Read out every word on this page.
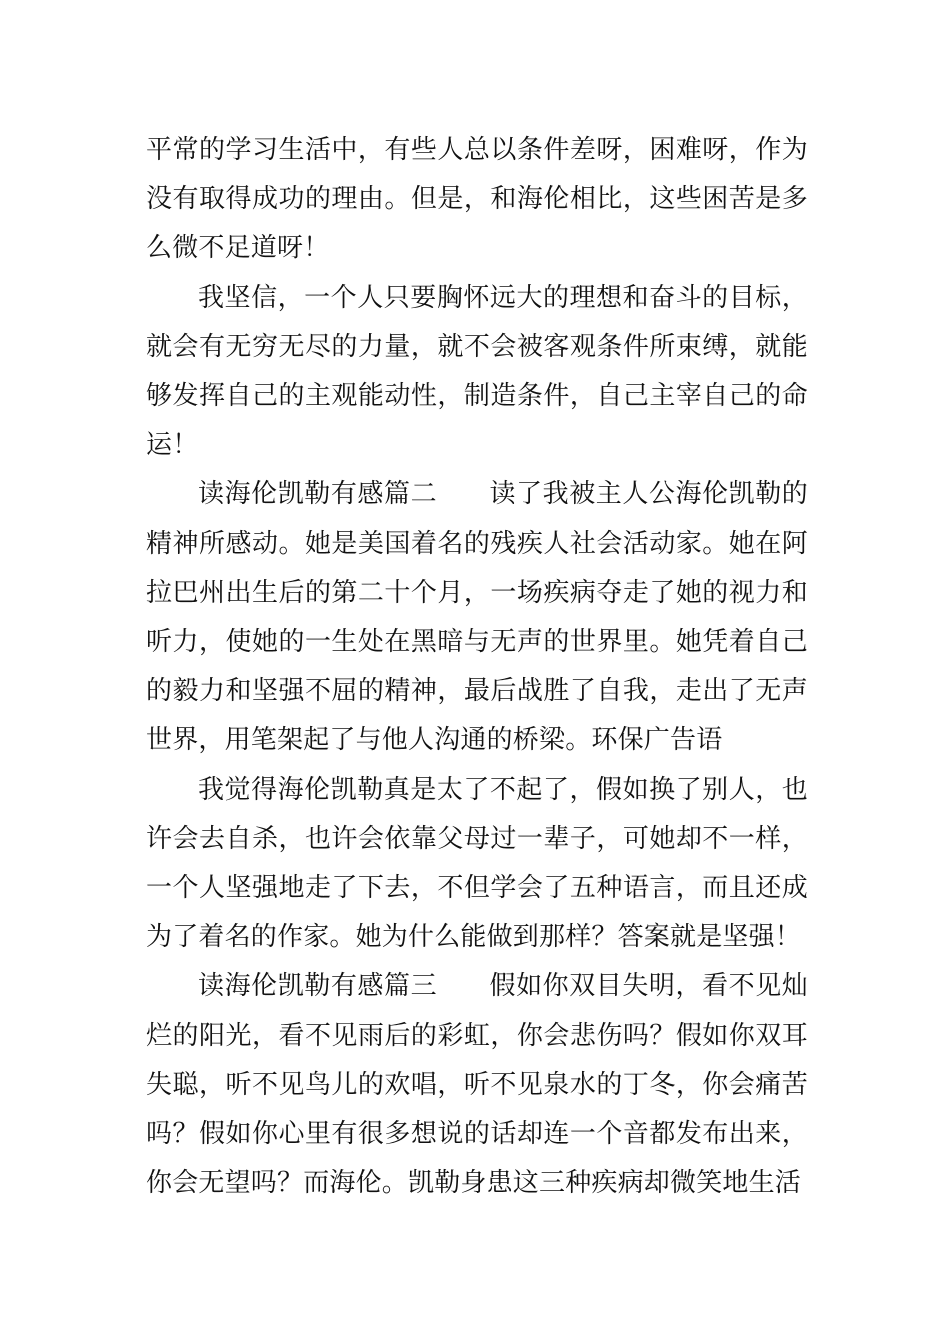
平常的学习生活中，有些人总以条件差呀，困难呀，作为没有取得成功的理由。但是，和海伦相比，这些困苦是多么微不足道呀！

我坚信，一个人只要胸怀远大的理想和奋斗的目标，就会有无穷无尽的力量，就不会被客观条件所束缚，就能够发挥自己的主观能动性，制造条件，自己主宰自己的命运！

读海伦凯勒有感篇二 读了我被主人公海伦凯勒的精神所感动。她是美国着名的残疾人社会活动家。她在阿拉巴州出生后的第二十个月，一场疾病夺走了她的视力和听力，使她的一生处在黑暗与无声的世界里。她凭着自己的毅力和坚强不屈的精神，最后战胜了自我，走出了无声世界，用笔架起了与他人沟通的桥梁。环保广告语

我觉得海伦凯勒真是太了不起了，假如换了别人，也许会去自杀，也许会依靠父母过一辈子，可她却不一样，一个人坚强地走了下去，不但学会了五种语言，而且还成为了着名的作家。她为什么能做到那样？答案就是坚强！

读海伦凯勒有感篇三 假如你双目失明，看不见灿烂的阳光，看不见雨后的彩虹，你会悲伤吗？假如你双耳失聪，听不见鸟儿的欢唱，听不见泉水的丁冬，你会痛苦吗？假如你心里有很多想说的话却连一个音都发布出来，你会无望吗？而海伦。凯勒身患这三种疾病却微笑地生活
